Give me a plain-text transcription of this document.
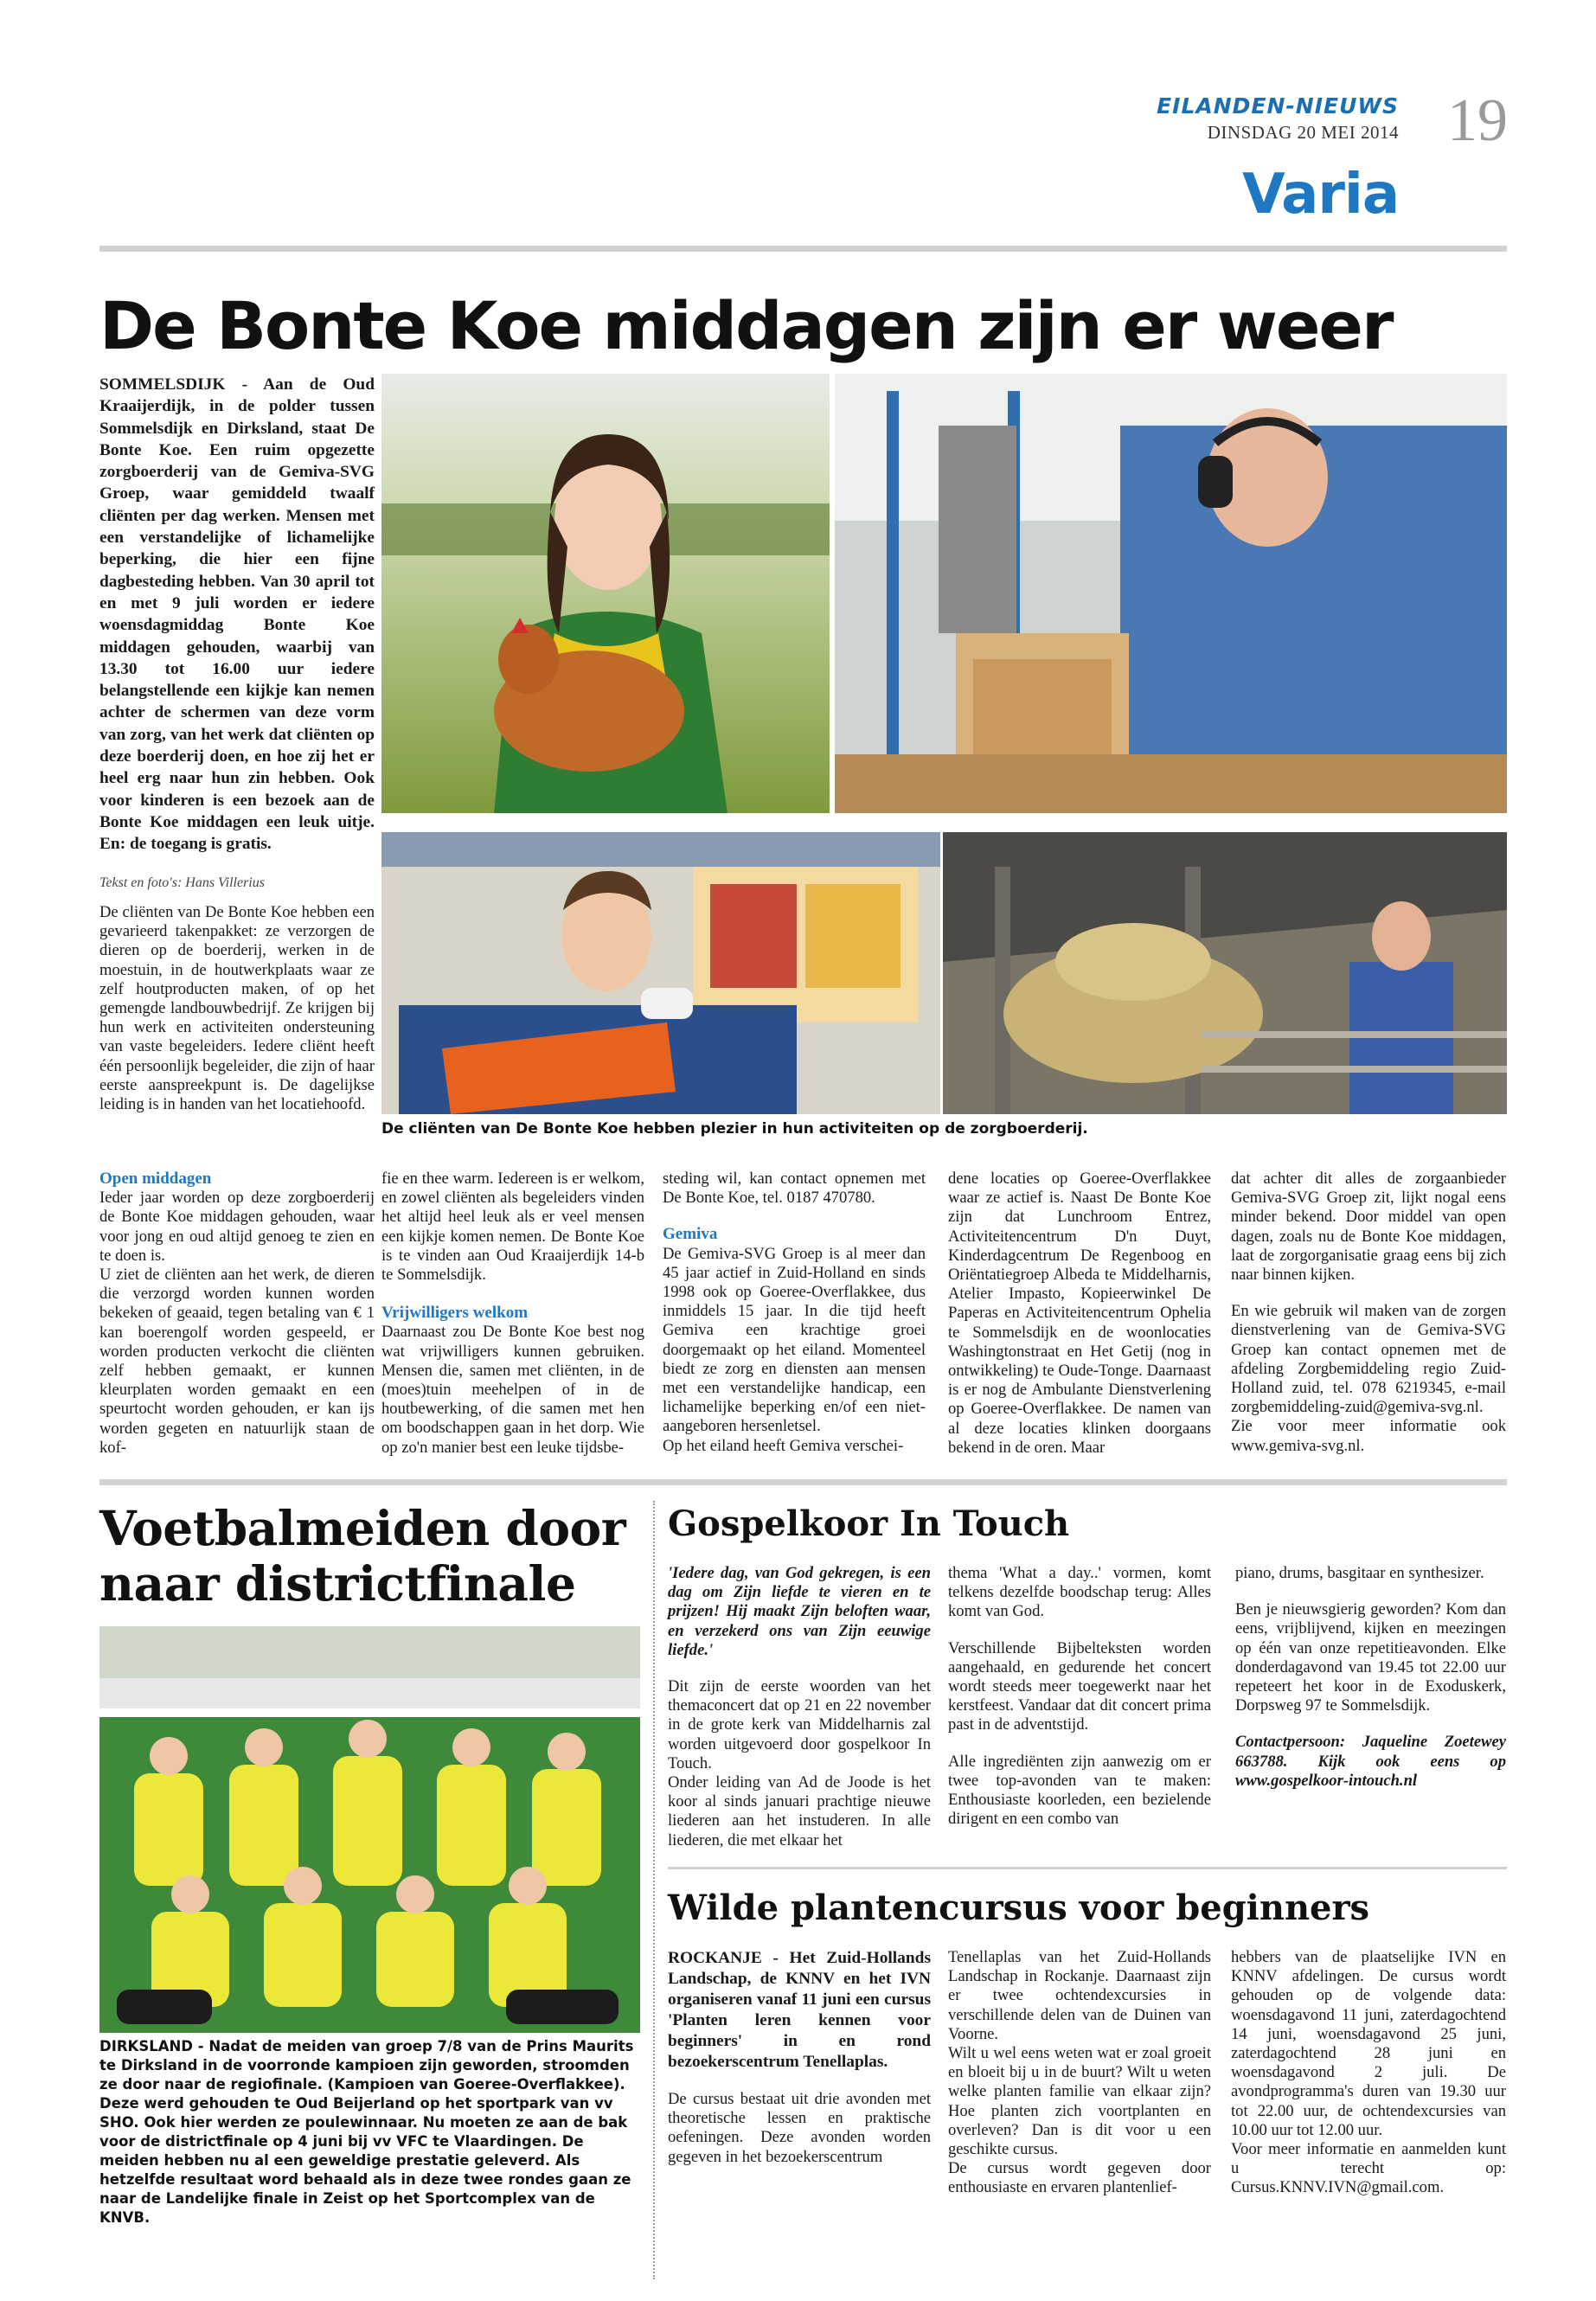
EILANDEN-NIEUWS
DINSDAG 20 MEI 2014 19
Varia
De Bonte Koe middagen zijn er weer
SOMMELSDIJK - Aan de Oud Kraaijerdijk, in de polder tussen Sommelsdijk en Dirksland, staat De Bonte Koe. Een ruim opgezette zorgboerderij van de Gemiva-SVG Groep, waar gemiddeld twaalf cliënten per dag werken. Mensen met een verstandelijke of lichamelijke beperking, die hier een fijne dagbesteding hebben. Van 30 april tot en met 9 juli worden er iedere woensdagmiddag Bonte Koe middagen gehouden, waarbij van 13.30 tot 16.00 uur iedere belangstellende een kijkje kan nemen achter de schermen van deze vorm van zorg, van het werk dat cliënten op deze boerderij doen, en hoe zij het er heel erg naar hun zin hebben. Ook voor kinderen is een bezoek aan de Bonte Koe middagen een leuk uitje. En: de toegang is gratis.
Tekst en foto's: Hans Villerius
De cliënten van De Bonte Koe hebben een gevarieerd takenpakket: ze verzorgen de dieren op de boerderij, werken in de moestuin, in de houtwerkplaats waar ze zelf houtproducten maken, of op het gemengde landbouwbedrijf. Ze krijgen bij hun werk en activiteiten ondersteuning van vaste begeleiders. Iedere cliënt heeft één persoonlijk begeleider, die zijn of haar eerste aanspreekpunt is. De dagelijkse leiding is in handen van het locatiehoofd.
De cliënten van De Bonte Koe hebben plezier in hun activiteiten op de zorgboerderij.
Open middagen
Ieder jaar worden op deze zorgboerderij de Bonte Koe middagen gehouden, waar voor jong en oud altijd genoeg te zien en te doen is.
U ziet de cliënten aan het werk, de dieren die verzorgd worden kunnen worden bekeken of geaaid, tegen betaling van € 1 kan boerengolf worden gespeeld, er worden producten verkocht die cliënten zelf hebben gemaakt, er kunnen kleurplaten worden gemaakt en een speurtocht worden gehouden, er kan ijs worden gegeten en natuurlijk staan de kof-
fie en thee warm. Iedereen is er welkom, en zowel cliënten als begeleiders vinden het altijd heel leuk als er veel mensen een kijkje komen nemen. De Bonte Koe is te vinden aan Oud Kraaijerdijk 14-b te Sommelsdijk.
Vrijwilligers welkom
Daarnaast zou De Bonte Koe best nog wat vrijwilligers kunnen gebruiken. Mensen die, samen met cliënten, in de (moes)tuin meehelpen of in de houtbewerking, of die samen met hen om boodschappen gaan in het dorp. Wie op zo'n manier best een leuke tijdsbe-
steding wil, kan contact opnemen met De Bonte Koe, tel. 0187 470780.
Gemiva
De Gemiva-SVG Groep is al meer dan 45 jaar actief in Zuid-Holland en sinds 1998 ook op Goeree-Overflakkee, dus inmiddels 15 jaar. In die tijd heeft Gemiva een krachtige groei doorgemaakt op het eiland. Momenteel biedt ze zorg en diensten aan mensen met een verstandelijke handicap, een lichamelijke beperking en/of een niet-aangeboren hersenletsel.
Op het eiland heeft Gemiva verschei-
dene locaties op Goeree-Overflakkee waar ze actief is. Naast De Bonte Koe zijn dat Lunchroom Entrez, Activiteitencentrum D'n Duyt, Kinderdagcentrum De Regenboog en Oriëntatiegroep Albeda te Middelharnis, Atelier Impasto, Kopieerwinkel De Paperas en Activiteitencentrum Ophelia te Sommelsdijk en de woonlocaties Washingtonstraat en Het Getij (nog in ontwikkeling) te Oude-Tonge. Daarnaast is er nog de Ambulante Dienstverlening op Goeree-Overflakkee. De namen van al deze locaties klinken doorgaans bekend in de oren. Maar
dat achter dit alles de zorgaanbieder Gemiva-SVG Groep zit, lijkt nogal eens minder bekend. Door middel van open dagen, zoals nu de Bonte Koe middagen, laat de zorgorganisatie graag eens bij zich naar binnen kijken.
En wie gebruik wil maken van de zorgen dienstverlening van de Gemiva-SVG Groep kan contact opnemen met de afdeling Zorgbemiddeling regio Zuid-Holland zuid, tel. 078 6219345, e-mail zorgbemiddeling-zuid@gemiva-svg.nl. Zie voor meer informatie ook www.gemiva-svg.nl.
Voetbalmeiden door naar districtfinale
DIRKSLAND - Nadat de meiden van groep 7/8 van de Prins Maurits te Dirksland in de voorronde kampioen zijn geworden, stroomden ze door naar de regiofinale. (Kampioen van Goeree-Overflakkee). Deze werd gehouden te Oud Beijerland op het sportpark van vv SHO. Ook hier werden ze poulewinnaar. Nu moeten ze aan de bak voor de districtfinale op 4 juni bij vv VFC te Vlaardingen. De meiden hebben nu al een geweldige prestatie geleverd. Als hetzelfde resultaat word behaald als in deze twee rondes gaan ze naar de Landelijke finale in Zeist op het Sportcomplex van de KNVB.
Gospelkoor In Touch
'Iedere dag, van God gekregen, is een dag om Zijn liefde te vieren en te prijzen! Hij maakt Zijn beloften waar, en verzekerd ons van Zijn eeuwige liefde.'
Dit zijn de eerste woorden van het themaconcert dat op 21 en 22 november in de grote kerk van Middelharnis zal worden uitgevoerd door gospelkoor In Touch.
Onder leiding van Ad de Joode is het koor al sinds januari prachtige nieuwe liederen aan het instuderen. In alle liederen, die met elkaar het
thema 'What a day..' vormen, komt telkens dezelfde boodschap terug: Alles komt van God.
Verschillende Bijbelteksten worden aangehaald, en gedurende het concert wordt steeds meer toegewerkt naar het kerstfeest. Vandaar dat dit concert prima past in de adventstijd.
Alle ingrediënten zijn aanwezig om er twee top-avonden van te maken: Enthousiaste koorleden, een bezielende dirigent en een combo van
piano, drums, basgitaar en synthesizer.
Ben je nieuwsgierig geworden? Kom dan eens, vrijblijvend, kijken en meezingen op één van onze repetitieavonden. Elke donderdagavond van 19.45 tot 22.00 uur repeteert het koor in de Exoduskerk, Dorpsweg 97 te Sommelsdijk.
Contactpersoon: Jaqueline Zoetewey 663788. Kijk ook eens op www.gospelkoor-intouch.nl
Wilde plantencursus voor beginners
ROCKANJE - Het Zuid-Hollands Landschap, de KNNV en het IVN organiseren vanaf 11 juni een cursus 'Planten leren kennen voor beginners' in en rond bezoekerscentrum Tenellaplas.
De cursus bestaat uit drie avonden met theoretische lessen en praktische oefeningen. Deze avonden worden gegeven in het bezoekerscentrum
Tenellaplas van het Zuid-Hollands Landschap in Rockanje. Daarnaast zijn er twee ochtendexcursies in verschillende delen van de Duinen van Voorne.
Wilt u wel eens weten wat er zoal groeit en bloeit bij u in de buurt? Wilt u weten welke planten familie van elkaar zijn? Hoe planten zich voortplanten en overleven? Dan is dit voor u een geschikte cursus.
De cursus wordt gegeven door enthousiaste en ervaren plantenlief-
hebbers van de plaatselijke IVN en KNNV afdelingen. De cursus wordt gehouden op de volgende data: woensdagavond 11 juni, zaterdagochtend 14 juni, woensdagavond 25 juni, zaterdagochtend 28 juni en woensdagavond 2 juli. De avondprogramma's duren van 19.30 uur tot 22.00 uur, de ochtendexcursies van 10.00 uur tot 12.00 uur.
Voor meer informatie en aanmelden kunt u terecht op: Cursus.KNNV.IVN@gmail.com.
